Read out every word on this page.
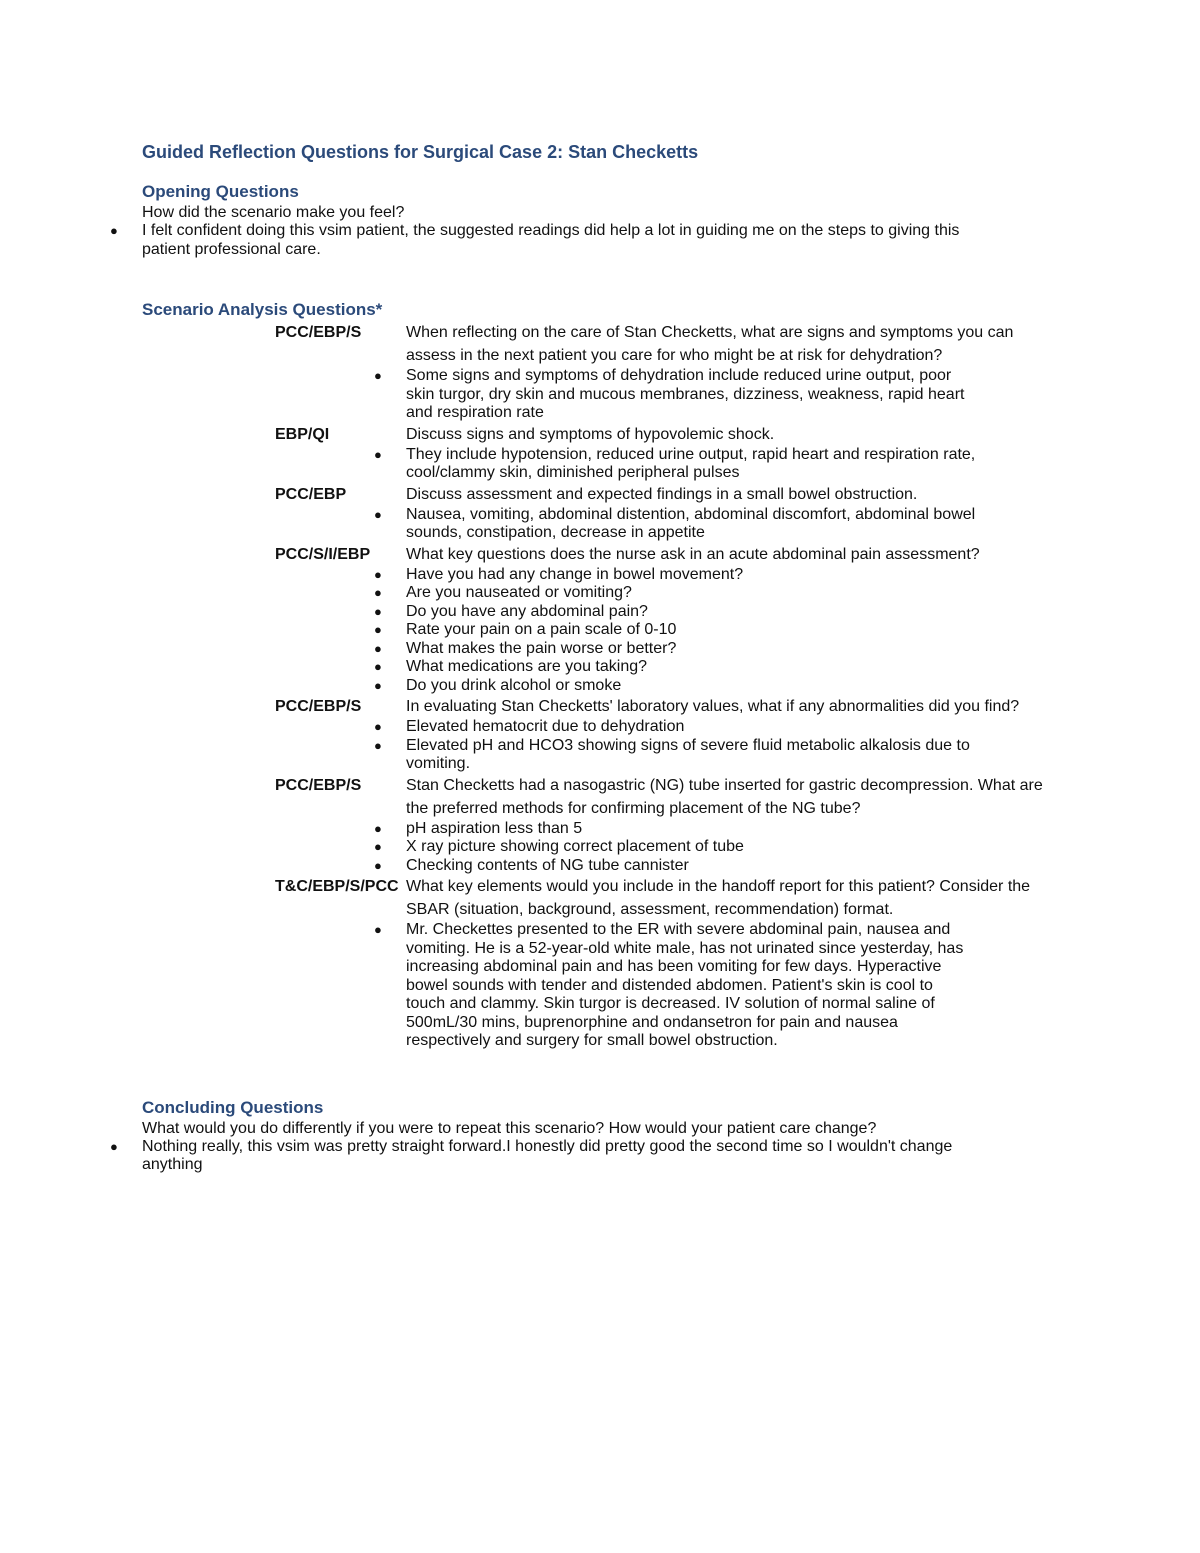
Guided Reflection Questions for Surgical Case 2: Stan Checketts
Opening Questions

How did the scenario make you feel?

● I felt confident doing this vsim patient, the suggested readings did help a lot in guiding me on the steps to giving this patient professional care.
Scenario Analysis Questions*
PCC/EBP/S	When reflecting on the care of Stan Checketts, what are signs and symptoms you can assess in the next patient you care for who might be at risk for dehydration?
● Some signs and symptoms of dehydration include reduced urine output, poor skin turgor, dry skin and mucous membranes, dizziness, weakness, rapid heart and respiration rate
EBP/QI	Discuss signs and symptoms of hypovolemic shock.
● They include hypotension, reduced urine output, rapid heart and respiration rate, cool/clammy skin, diminished peripheral pulses
PCC/EBP	Discuss assessment and expected findings in a small bowel obstruction.
● Nausea, vomiting, abdominal distention, abdominal discomfort, abdominal bowel sounds, constipation, decrease in appetite
PCC/S/I/EBP	What key questions does the nurse ask in an acute abdominal pain assessment?
● Have you had any change in bowel movement?
● Are you nauseated or vomiting?
● Do you have any abdominal pain?
● Rate your pain on a pain scale of 0-10
● What makes the pain worse or better?
● What medications are you taking?
● Do you drink alcohol or smoke
PCC/EBP/S	In evaluating Stan Checketts' laboratory values, what if any abnormalities did you find?
● Elevated hematocrit due to dehydration
● Elevated pH and HCO3 showing signs of severe fluid metabolic alkalosis due to vomiting.
PCC/EBP/S	Stan Checketts had a nasogastric (NG) tube inserted for gastric decompression. What are the preferred methods for confirming placement of the NG tube?
● pH aspiration less than 5
● X ray picture showing correct placement of tube
● Checking contents of NG tube cannister
T&C/EBP/S/PCC What key elements would you include in the handoff report for this patient? Consider the SBAR (situation, background, assessment, recommendation) format.
● Mr. Checkettes presented to the ER with severe abdominal pain, nausea and vomiting. He is a 52-year-old white male, has not urinated since yesterday, has increasing abdominal pain and has been vomiting for few days. Hyperactive bowel sounds with tender and distended abdomen. Patient's skin is cool to touch and clammy. Skin turgor is decreased. IV solution of normal saline of 500mL/30 mins, buprenorphine and ondansetron for pain and nausea respectively and surgery for small bowel obstruction.
Concluding Questions

What would you do differently if you were to repeat this scenario? How would your patient care change?

● Nothing really, this vsim was pretty straight forward.I honestly did pretty good the second time so I wouldn't change anything
